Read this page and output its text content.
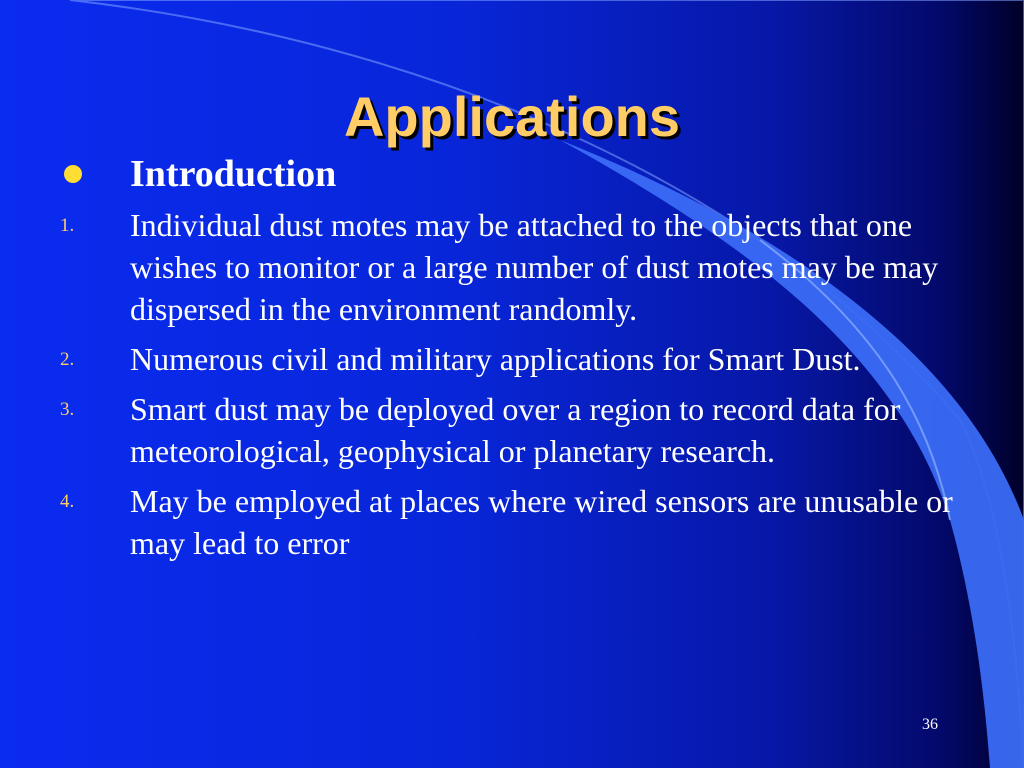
Applications
Introduction
1. Individual dust motes may be attached to the objects that one wishes to monitor or a large number of dust motes may be may dispersed in the environment randomly.
2. Numerous civil and military applications for Smart Dust.
3. Smart dust may be deployed over a region to record data for meteorological, geophysical or planetary research.
4. May be employed at places where wired sensors are unusable or may lead to error
36
